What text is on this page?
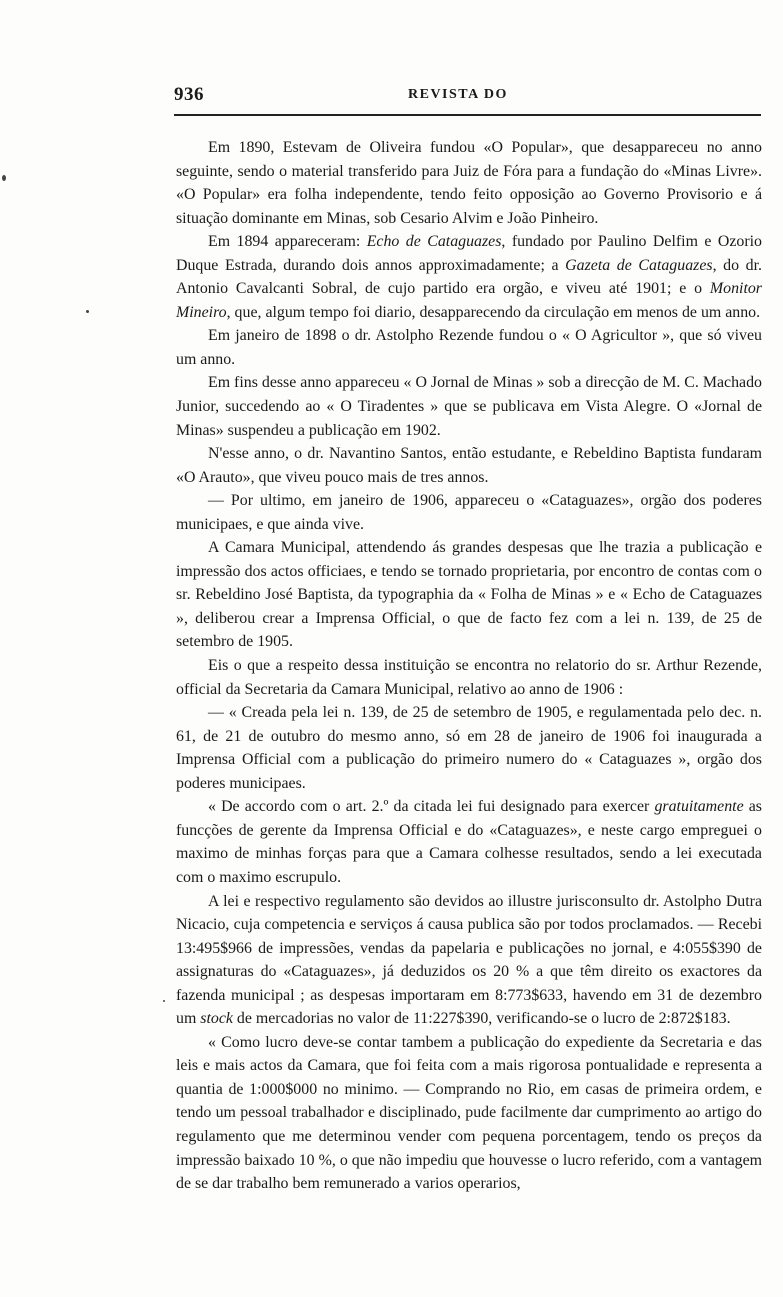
936	REVISTA DO

Em 1890, Estevam de Oliveira fundou «O Popular», que desappareceu no anno seguinte, sendo o material transferido para Juiz de Fóra para a fundação do «Minas Livre». «O Popular» era folha independente, tendo feito opposição ao Governo Provisorio e á situação dominante em Minas, sob Cesario Alvim e João Pinheiro.

Em 1894 appareceram: Echo de Cataguazes, fundado por Paulino Delfim e Ozorio Duque Estrada, durando dois annos approximadamente; a Gazeta de Cataguazes, do dr. Antonio Cavalcanti Sobral, de cujo partido era orgão, e viveu até 1901; e o Monitor Mineiro, que, algum tempo foi diario, desapparecendo da circulação em menos de um anno.

Em janeiro de 1898 o dr. Astolpho Rezende fundou o « O Agricultor », que só viveu um anno.

Em fins desse anno appareceu « O Jornal de Minas » sob a direcção de M. C. Machado Junior, succedendo ao « O Tiradentes » que se publicava em Vista Alegre. O «Jornal de Minas» suspendeu a publicação em 1902.

N'esse anno, o dr. Navantino Santos, então estudante, e Rebeldino Baptista fundaram «O Arauto», que viveu pouco mais de tres annos.

— Por ultimo, em janeiro de 1906, appareceu o «Cataguazes», orgão dos poderes municipaes, e que ainda vive.

A Camara Municipal, attendendo ás grandes despesas que lhe trazia a publicação e impressão dos actos officiaes, e tendo se tornado proprietaria, por encontro de contas com o sr. Rebeldino José Baptista, da typographia da « Folha de Minas » e « Echo de Cataguazes », deliberou crear a Imprensa Official, o que de facto fez com a lei n. 139, de 25 de setembro de 1905.

Eis o que a respeito dessa instituição se encontra no relatorio do sr. Arthur Rezende, official da Secretaria da Camara Municipal, relativo ao anno de 1906 :

— « Creada pela lei n. 139, de 25 de setembro de 1905, e regulamentada pelo dec. n. 61, de 21 de outubro do mesmo anno, só em 28 de janeiro de 1906 foi inaugurada a Imprensa Official com a publicação do primeiro numero do « Cataguazes », orgão dos poderes municipaes.

« De accordo com o art. 2.º da citada lei fui designado para exercer gratuitamente as funcções de gerente da Imprensa Official e do «Cataguazes», e neste cargo empreguei o maximo de minhas forças para que a Camara colhesse resultados, sendo a lei executada com o maximo escrupulo.

A lei e respectivo regulamento são devidos ao illustre jurisconsulto dr. Astolpho Dutra Nicacio, cuja competencia e serviços á causa publica são por todos proclamados. — Recebi 13:495$966 de impressões, vendas da papelaria e publicações no jornal, e 4:055$390 de assignaturas do «Cataguazes», já deduzidos os 20 % a que têm direito os exactores da fazenda municipal ; as despesas importaram em 8:773$633, havendo em 31 de dezembro um stock de mercadorias no valor de 11:227$390, verificando-se o lucro de 2:872$183.

« Como lucro deve-se contar tambem a publicação do expediente da Secretaria e das leis e mais actos da Camara, que foi feita com a mais rigorosa pontualidade e representa a quantia de 1:000$000 no minimo. — Comprando no Rio, em casas de primeira ordem, e tendo um pessoal trabalhador e disciplinado, pude facilmente dar cumprimento ao artigo do regulamento que me determinou vender com pequena porcentagem, tendo os preços da impressão baixado 10 %, o que não impediu que houvesse o lucro referido, com a vantagem de se dar trabalho bem remunerado a varios operarios,
